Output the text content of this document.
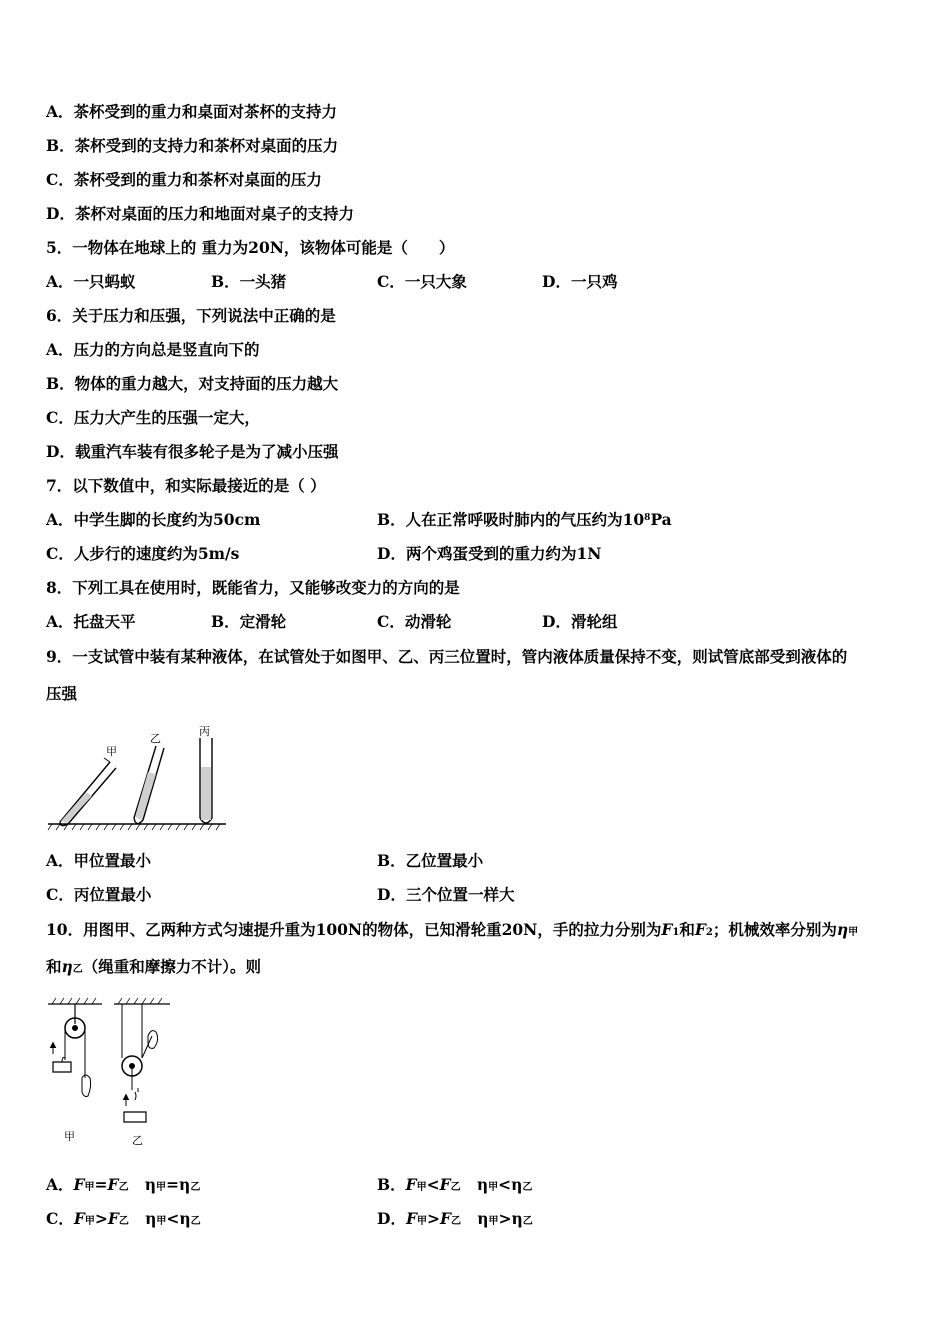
A．茶杯受到的重力和桌面对茶杯的支持力
B．茶杯受到的支持力和茶杯对桌面的压力
C．茶杯受到的重力和茶杯对桌面的压力
D．茶杯对桌面的压力和地面对桌子的支持力
5．一物体在地球上的 重力为20N，该物体可能是（　　）
A．一只蚂蚁	B．一头猪	C．一只大象	D．一只鸡
6．关于压力和压强，下列说法中正确的是
A．压力的方向总是竖直向下的
B．物体的重力越大，对支持面的压力越大
C．压力大产生的压强一定大，
D．载重汽车装有很多轮子是为了减小压强
7．以下数值中，和实际最接近的是（ ）
A．中学生脚的长度约为50cm	B．人在正常呼吸时肺内的气压约为$10^8Pa$
C．人步行的速度约为5m/s	D．两个鸡蛋受到的重力约为1N
8．下列工具在使用时，既能省力，又能够改变力的方向的是
A．托盘天平	B．定滑轮	C．动滑轮	D．滑轮组
9．一支试管中装有某种液体，在试管处于如图甲、乙、丙三位置时，管内液体质量保持不变，则试管底部受到液体的
压强
甲
乙
丙
A．甲位置最小	B．乙位置最小
C．丙位置最小	D．三个位置一样大
10．用图甲、乙两种方式匀速提升重为100N的物体，已知滑轮重20N，手的拉力分别为F1和F2；机械效率分别为η甲
和η乙（绳重和摩擦力不计）。则
甲	乙
A．F甲=F乙 η甲=η乙	B．F甲<F乙 η甲<η乙
C．F甲>F乙 η甲<η乙	D．F甲>F乙 η甲>η乙
